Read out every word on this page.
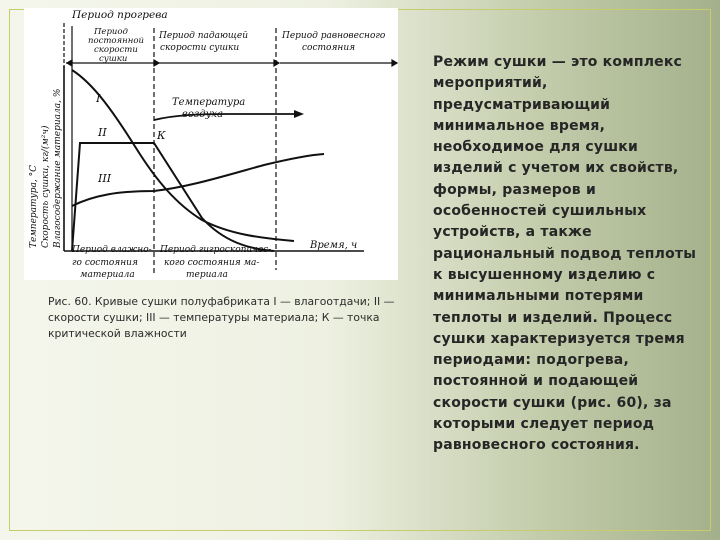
Период прогрева
Период
постоянной
скорости
сушки
Период падающей
скорости сушки
Период равновесного
состояния
Температура, °С Скорость сушки, кг/(м²ч) Влагосодержание материала, %	Температура
воздуха
I
II
III
К
Время, ч
Период влажно-
го состояния
материала
Период гигроскопичес-
кого состояния ма-
териала
Рис. 60. Кривые сушки полуфабриката I — влагоотдачи; II — скорости сушки; III — температуры материала; К — точка критической влажности
Режим сушки — это комплекс мероприятий, предусматривающий минимальное время, необходимое для сушки изделий с учетом их свойств, формы, размеров и особенностей сушильных устройств, а также рациональный подвод теплоты к высушенному изделию с минимальными потерями теплоты и изделий. Процесс сушки характеризуется тремя периодами: подогрева, постоянной и подающей скорости сушки (рис. 60), за которыми следует период равновесного состояния.
